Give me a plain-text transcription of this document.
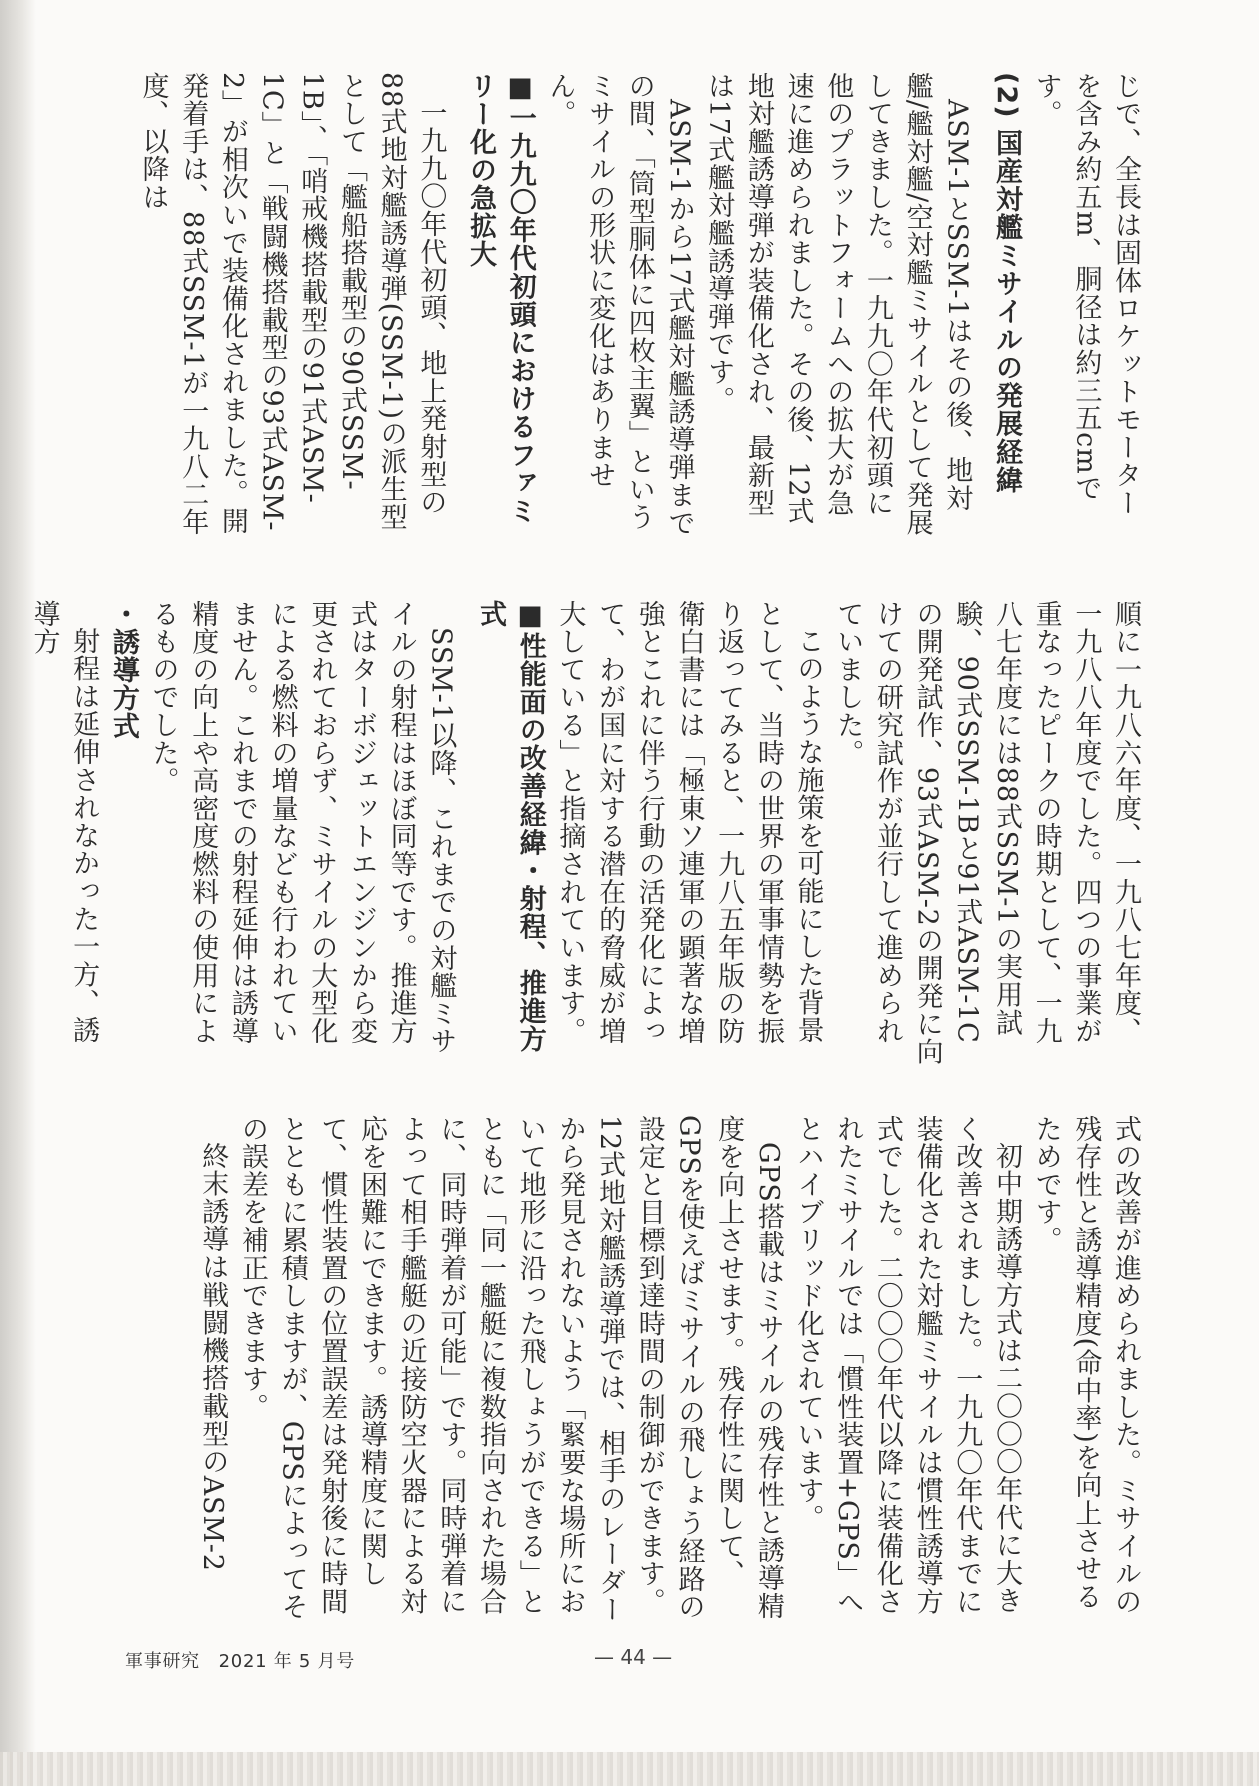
じで、全長は固体ロケットモーターを含み約五m、胴径は約三五cmです。

(2) 国産対艦ミサイルの発展経緯

ASM-1とSSM-1はその後、地対艦/艦対艦/空対艦ミサイルとして発展してきました。一九九〇年代初頭に他のプラットフォームへの拡大が急速に進められました。その後、12式地対艦誘導弾が装備化され、最新型は17式艦対艦誘導弾です。

ASM-1から17式艦対艦誘導弾までの間、「筒型胴体に四枚主翼」というミサイルの形状に変化はありません。

■一九九〇年代初頭におけるファミリー化の急拡大

一九九〇年代初頭、地上発射型の88式地対艦誘導弾(SSM-1)の派生型として「艦船搭載型の90式SSM-1B」、「哨戒機搭載型の91式ASM-1C」と「戦闘機搭載型の93式ASM-2」が相次いで装備化されました。開発着手は、88式SSM-1が一九八二年度、以降は

順に一九八六年度、一九八七年度、一九八八年度でした。四つの事業が重なったピークの時期として、一九八七年度には88式SSM-1の実用試験、90式SSM-1Bと91式ASM-1Cの開発試作、93式ASM-2の開発に向けての研究試作が並行して進められていました。

このような施策を可能にした背景として、当時の世界の軍事情勢を振り返ってみると、一九八五年版の防衛白書には「極東ソ連軍の顕著な増強とこれに伴う行動の活発化によって、わが国に対する潜在的脅威が増大している」と指摘されています。

■性能面の改善経緯・射程、推進方式

SSM-1以降、これまでの対艦ミサイルの射程はほぼ同等です。推進方式はターボジェットエンジンから変更されておらず、ミサイルの大型化による燃料の増量なども行われていません。これまでの射程延伸は誘導精度の向上や高密度燃料の使用によるものでした。

・誘導方式

射程は延伸されなかった一方、誘導方

式の改善が進められました。ミサイルの残存性と誘導精度(命中率)を向上させるためです。

初中期誘導方式は二〇〇〇年代に大きく改善されました。一九九〇年代までに装備化された対艦ミサイルは慣性誘導方式でした。二〇〇〇年代以降に装備化されたミサイルでは「慣性装置+GPS」へとハイブリッド化されています。

GPS搭載はミサイルの残存性と誘導精度を向上させます。残存性に関して、GPSを使えばミサイルの飛しょう経路の設定と目標到達時間の制御ができます。12式地対艦誘導弾では、相手のレーダーから発見されないよう「緊要な場所において地形に沿った飛しょうができる」とともに「同一艦艇に複数指向された場合に、同時弾着が可能」です。同時弾着によって相手艦艇の近接防空火器による対応を困難にできます。誘導精度に関して、慣性装置の位置誤差は発射後に時間とともに累積しますが、GPSによってその誤差を補正できます。

終末誘導は戦闘機搭載型のASM-2

軍事研究　2021 年 5 月号	— 44 —
